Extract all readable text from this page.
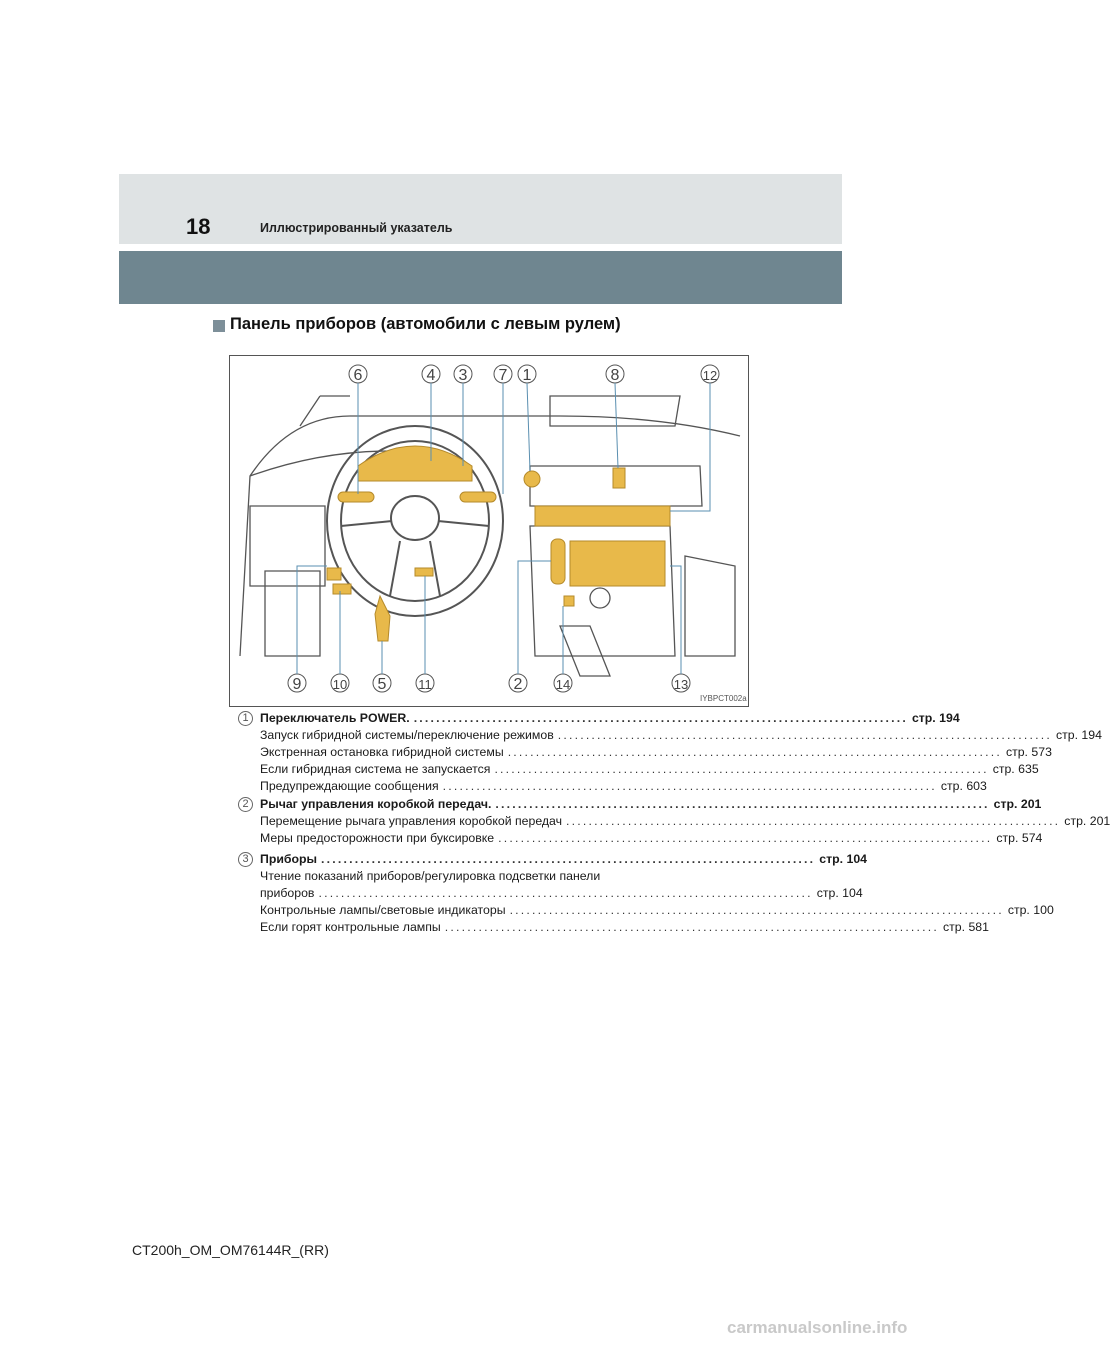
18	Иллюстрированный указатель
Панель приборов (автомобили с левым рулем)
6	4 3 7 1	8	12
9 10 5 11	2	14	13
IYBPCT002a
1 Переключатель POWER. ........................................................................................ стр. 194
Запуск гибридной системы/переключение режимов ........................................................................................ стр. 194
Экстренная остановка гибридной системы ........................................................................................ стр. 573
Если гибридная система не запускается ........................................................................................ стр. 635
Предупреждающие сообщения ........................................................................................ стр. 603
2 Рычаг управления коробкой передач. ........................................................................................ стр. 201
Перемещение рычага управления коробкой передач ........................................................................................ стр. 201
Меры предосторожности при буксировке ........................................................................................ стр. 574
3 Приборы ........................................................................................ стр. 104
Чтение показаний приборов/регулировка подсветки панели
приборов ........................................................................................ стр. 104
Контрольные лампы/световые индикаторы ........................................................................................ стр. 100
Если горят контрольные лампы ........................................................................................ стр. 581
CT200h_OM_OM76144R_(RR)
carmanualsonline.info
